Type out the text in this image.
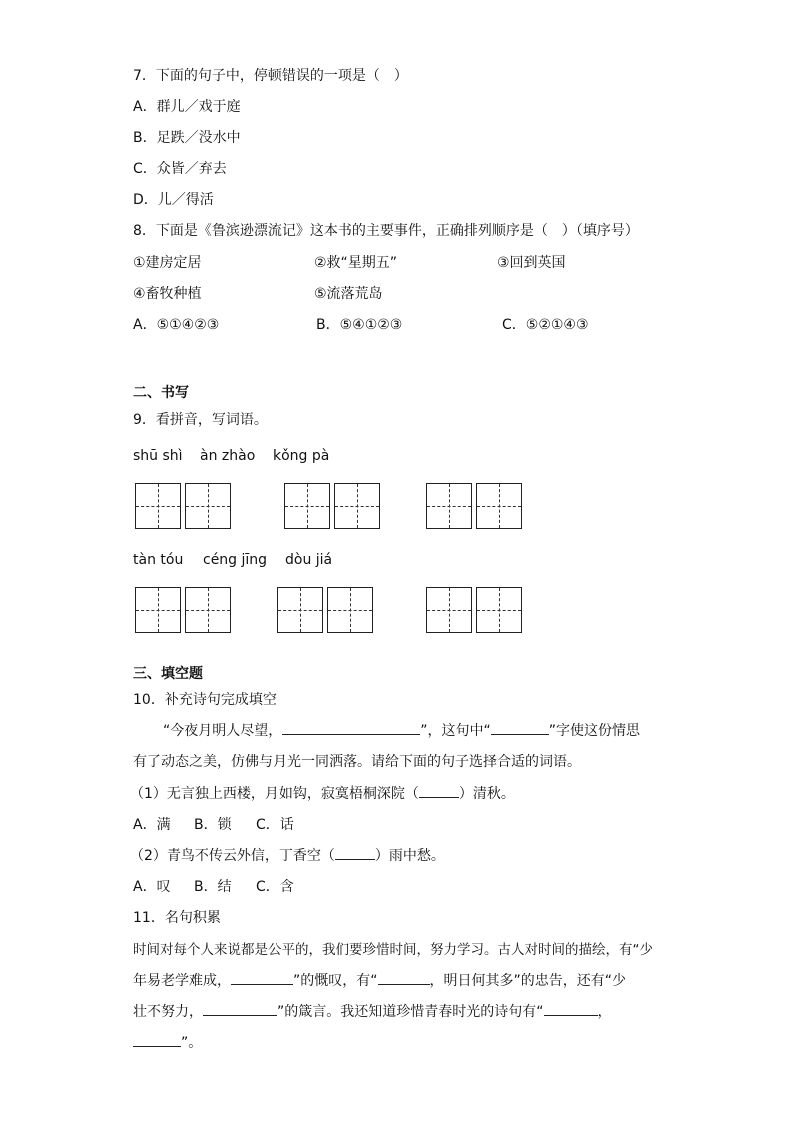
7．下面的句子中，停顿错误的一项是（　）
A．群儿／戏于庭
B．足跌／没水中
C．众皆／弃去
D．儿／得活
8．下面是《鲁滨逊漂流记》这本书的主要事件，正确排列顺序是（　）（填序号）
①建房定居	②救“星期五”	③回到英国
④畜牧种植	⑤流落荒岛
A．⑤①④②③	B．⑤④①②③	C．⑤②①④③
二、书写
9．看拼音，写词语。
shū shì àn zhào kǒng pà
tàn tóu céng jīng dòu jiá
三、填空题
10．补充诗句完成填空
“今夜月明人尽望，	”，这句中“	”字使这份情思
有了动态之美，仿佛与月光一同洒落。请给下面的句子选择合适的词语。
（1）无言独上西楼，月如钩，寂寞梧桐深院（	）清秋。
A．满 B．锁 C．话
（2）青鸟不传云外信，丁香空（	）雨中愁。
A．叹 B．结 C．含
11．名句积累
时间对每个人来说都是公平的，我们要珍惜时间，努力学习。古人对时间的描绘，有“少
年易老学难成，	”的慨叹，有“	，明日何其多”的忠告，还有“少
壮不努力，	”的箴言。我还知道珍惜青春时光的诗句有“	，
”。
